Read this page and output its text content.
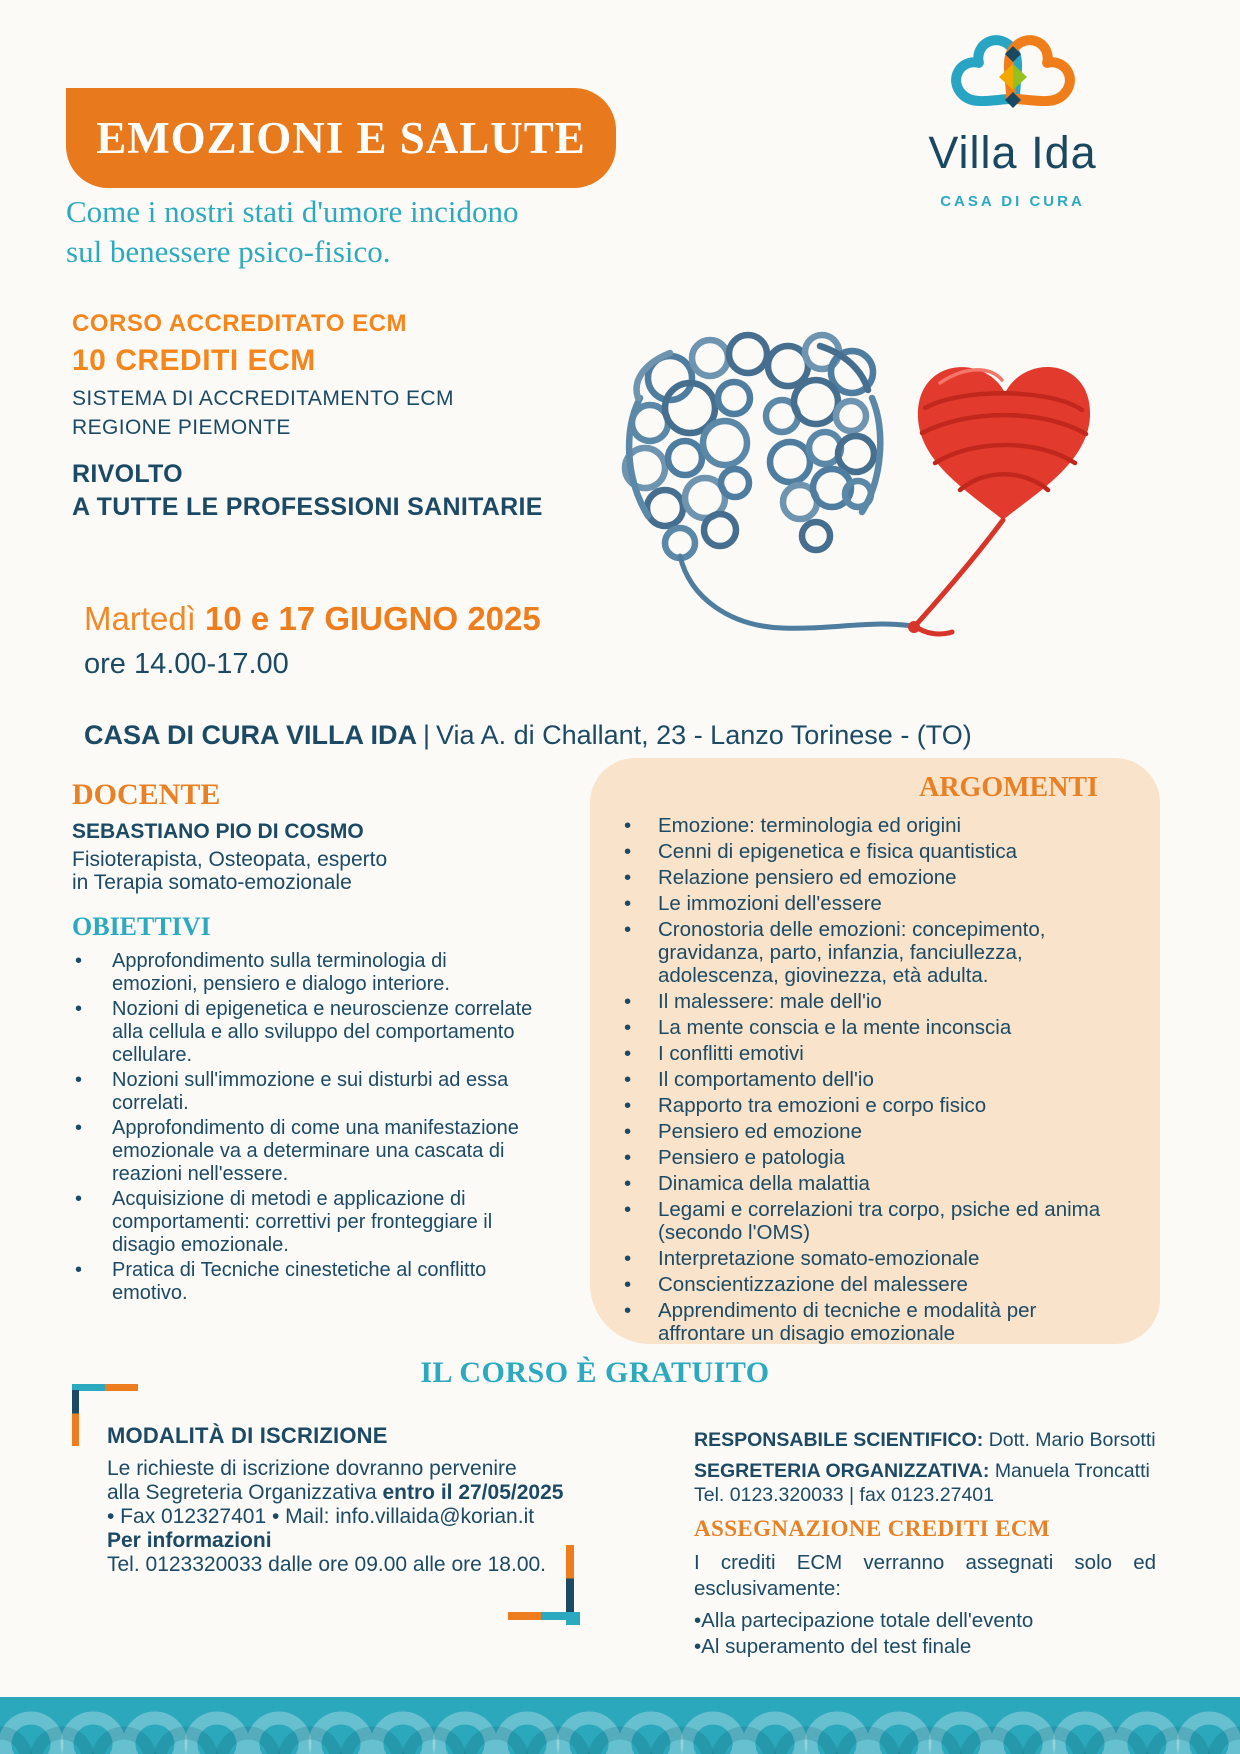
EMOZIONI E SALUTE
Come i nostri stati d'umore incidono
sul benessere psico-fisico.
Villa Ida
CASA DI CURA
CORSO ACCREDITATO ECM
10 CREDITI ECM
SISTEMA DI ACCREDITAMENTO ECM
REGIONE PIEMONTE
RIVOLTO
A TUTTE LE PROFESSIONI SANITARIE
Martedì 10 e 17 GIUGNO 2025
ore 14.00-17.00
CASA DI CURA VILLA IDA | Via A. di Challant, 23 - Lanzo Torinese - (TO)
DOCENTE
SEBASTIANO PIO DI COSMO
Fisioterapista, Osteopata, esperto
in Terapia somato-emozionale
OBIETTIVI
• Approfondimento sulla terminologia di emozioni, pensiero e dialogo interiore.
• Nozioni di epigenetica e neuroscienze correlate alla cellula e allo sviluppo del comportamento cellulare.
• Nozioni sull'immozione e sui disturbi ad essa correlati.
• Approfondimento di come una manifestazione emozionale va a determinare una cascata di reazioni nell'essere.
• Acquisizione di metodi e applicazione di comportamenti: correttivi per fronteggiare il disagio emozionale.
• Pratica di Tecniche cinestetiche al conflitto emotivo.
ARGOMENTI
• Emozione: terminologia ed origini
• Cenni di epigenetica e fisica quantistica
• Relazione pensiero ed emozione
• Le immozioni dell'essere
• Cronostoria delle emozioni: concepimento, gravidanza, parto, infanzia, fanciullezza, adolescenza, giovinezza, età adulta.
• Il malessere: male dell'io
• La mente conscia e la mente inconscia
• I conflitti emotivi
• Il comportamento dell'io
• Rapporto tra emozioni e corpo fisico
• Pensiero ed emozione
• Pensiero e patologia
• Dinamica della malattia
• Legami e correlazioni tra corpo, psiche ed anima (secondo l'OMS)
• Interpretazione somato-emozionale
• Conscientizzazione del malessere
• Apprendimento di tecniche e modalità per affrontare un disagio emozionale
IL CORSO È GRATUITO
MODALITÀ DI ISCRIZIONE

Le richieste di iscrizione dovranno pervenire

alla Segreteria Organizzativa entro il 27/05/2025

• Fax 012327401 • Mail: info.villaida@korian.it

Per informazioni

Tel. 0123320033 dalle ore 09.00 alle ore 18.00.

RESPONSABILE SCIENTIFICO: Dott. Mario Borsotti
SEGRETERIA ORGANIZZATIVA: Manuela Troncatti
Tel. 0123.320033 | fax 0123.27401
ASSEGNAZIONE CREDITI ECM
I crediti ECM verranno assegnati solo ed
esclusivamente:
•Alla partecipazione totale dell'evento
•Al superamento del test finale
